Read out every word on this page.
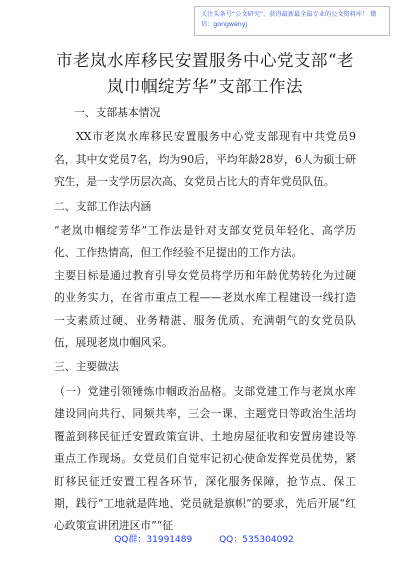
关注头条号“公文研究”，获得最新最全最专业的公文资料库！ 微信：gongwenyj
市老岚水库移民安置服务中心党支部“老岚巾帼绽芳华”支部工作法

一、支部基本情况

XX市老岚水库移民安置服务中心党支部现有中共党员9名，其中女党员7名，均为90后，平均年龄28岁，6人为硕士研究生，是一支学历层次高、女党员占比大的青年党员队伍。

二、支部工作法内涵

“老岚巾帼绽芳华”工作法是针对支部女党员年轻化、高学历化、工作热情高，但工作经验不足提出的工作方法。

主要目标是通过教育引导女党员将学历和年龄优势转化为过硬的业务实力，在省市重点工程——老岚水库工程建设一线打造一支素质过硬、业务精湛、服务优质、充满朝气的女党员队伍，展现老岚巾帼风采。

三、主要做法

（一）党建引领锤炼巾帼政治品格。支部党建工作与老岚水库建设同向共行、同频共率，三会一课、主题党日等政治生活均覆盖到移民征迁安置政策宣讲、土地房屋征收和安置房建设等重点工作现场。女党员们自觉牢记初心使命发挥党员优势，紧盯移民征迁安置工程各环节，深化服务保障，抢节点、保工期，践行“工地就是阵地、党员就是旗帜”的要求，先后开展“红心政策宣讲团进区市”“征

QQ群：31991489	QQ：535304092
